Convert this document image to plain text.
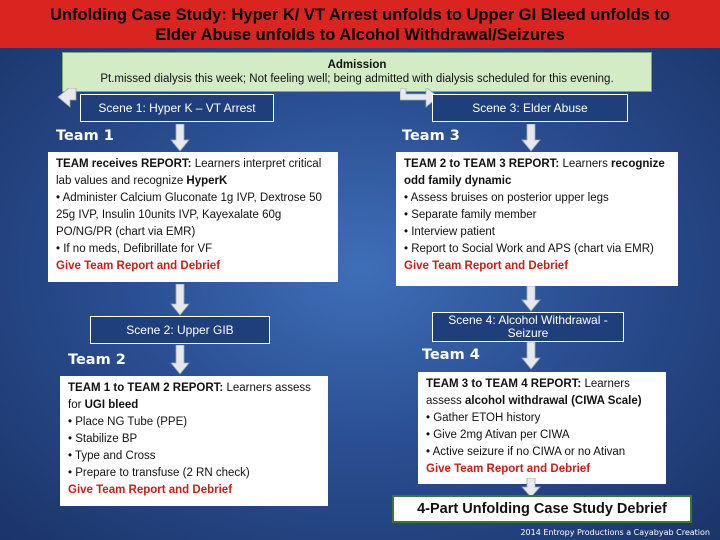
Unfolding Case Study: Hyper K/ VT Arrest unfolds to Upper GI Bleed unfolds to
Elder Abuse unfolds to Alcohol Withdrawal/Seizures
Admission
Pt.missed dialysis this week; Not feeling well; being admitted with dialysis scheduled for this evening.
Scene 1: Hyper K – VT Arrest
Team 1
Scene 3: Elder Abuse
Team 3
TEAM receives REPORT: Learners interpret critical lab values and recognize HyperK
• Administer Calcium Gluconate 1g IVP, Dextrose 50 25g IVP, Insulin 10units IVP, Kayexalate 60g PO/NG/PR (chart via EMR)
• If no meds, Defibrillate for VF
Give Team Report and Debrief
TEAM 2 to TEAM 3 REPORT: Learners recognize odd family dynamic
• Assess bruises on posterior upper legs
• Separate family member
• Interview patient
• Report to Social Work and APS (chart via EMR)
Give Team Report and Debrief
Scene 2: Upper GIB
Team 2
Scene 4: Alcohol Withdrawal - Seizure
Team 4
TEAM 1 to TEAM 2 REPORT: Learners assess for UGI bleed
• Place NG Tube (PPE)
• Stabilize BP
• Type and Cross
• Prepare to transfuse (2 RN check)
Give Team Report and Debrief
TEAM 3 to TEAM 4 REPORT: Learners assess alcohol withdrawal (CIWA Scale)
• Gather ETOH history
• Give 2mg Ativan per CIWA
• Active seizure if no CIWA or no Ativan
Give Team Report and Debrief
4-Part Unfolding Case Study Debrief
2014 Entropy Productions a Cayabyab Creation
